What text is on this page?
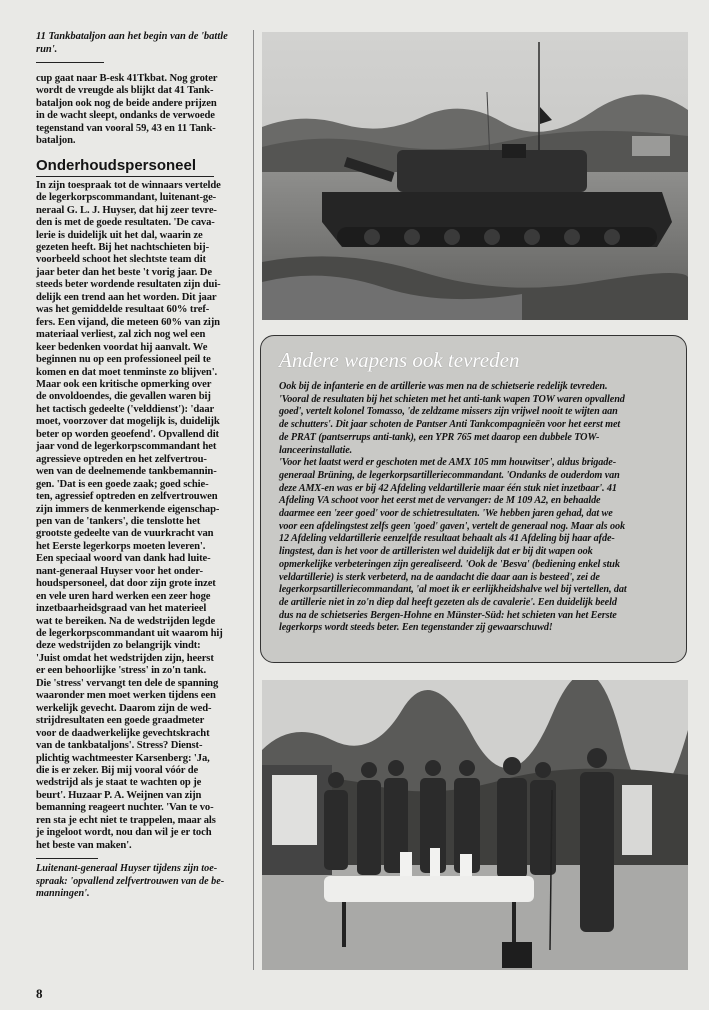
11 Tankbataljon aan het begin van de 'battle run'.

cup gaat naar B-esk 41Tkbat. Nog groter
wordt de vreugde als blijkt dat 41 Tank-
bataljon ook nog de beide andere prijzen
in de wacht sleept, ondanks de verwoede
tegenstand van vooral 59, 43 en 11 Tank-
bataljon.

Onderhoudspersoneel

In zijn toespraak tot de winnaars vertelde
de legerkorpscommandant, luitenant-ge-
neraal G. L. J. Huyser, dat hij zeer tevre-
den is met de goede resultaten. 'De cava-
lerie is duidelijk uit het dal, waarin ze
gezeten heeft. Bij het nachtschieten bij-
voorbeeld schoot het slechtste team dit
jaar beter dan het beste 't vorig jaar. De
steeds beter wordende resultaten zijn dui-
delijk een trend aan het worden. Dit jaar
was het gemiddelde resultaat 60% tref-
fers. Een vijand, die meteen 60% van zijn
materiaal verliest, zal zich nog wel een
keer bedenken voordat hij aanvalt. We
beginnen nu op een professioneel peil te
komen en dat moet tenminste zo blijven'.
Maar ook een kritische opmerking over
de onvoldoendes, die gevallen waren bij
het tactisch gedeelte ('velddienst'): 'daar
moet, voorzover dat mogelijk is, duidelijk
beter op worden geoefend'. Opvallend dit
jaar vond de legerkorpscommandant het
agressieve optreden en het zelfvertrou-
wen van de deelnemende tankbemannin-
gen. 'Dat is een goede zaak; goed schie-
ten, agressief optreden en zelfvertrouwen
zijn immers de kenmerkende eigenschap-
pen van de 'tankers', die tenslotte het
grootste gedeelte van de vuurkracht van
het Eerste legerkorps moeten leveren'.
Een speciaal woord van dank had luite-
nant-generaal Huyser voor het onder-
houdspersoneel, dat door zijn grote inzet
en vele uren hard werken een zeer hoge
inzetbaarheidsgraad van het materieel
wat te bereiken. Na de wedstrijden legde
de legerkorpscommandant uit waarom hij
deze wedstrijden zo belangrijk vindt:
'Juist omdat het wedstrijden zijn, heerst
er een behoorlijke 'stress' in zo'n tank.
Die 'stress' vervangt ten dele de spanning
waaronder men moet werken tijdens een
werkelijk gevecht. Daarom zijn de wed-
strijdresultaten een goede graadmeter
voor de daadwerkelijke gevechtskracht
van de tankbataljons'. Stress? Dienst-
plichtig wachtmeester Karsenberg: 'Ja,
die is er zeker. Bij mij vooral vóór de
wedstrijd als je staat te wachten op je
beurt'. Huzaar P. A. Weijnen van zijn
bemanning reageert nuchter. 'Van te vo-
ren sta je echt niet te trappelen, maar als
je ingeloot wordt, nou dan wil je er toch
het beste van maken'.

Luitenant-generaal Huyser tijdens zijn toe-
spraak: 'opvallend zelfvertrouwen van de be-
manningen'.

Andere wapens ook tevreden

Ook bij de infanterie en de artillerie was men na de schietserie redelijk tevreden.
'Vooral de resultaten bij het schieten met het anti-tank wapen TOW waren opvallend
goed', vertelt kolonel Tomasso, 'de zeldzame missers zijn vrijwel nooit te wijten aan
de schutters'. Dit jaar schoten de Pantser Anti Tankcompagnieën voor het eerst met
de PRAT (pantserrups anti-tank), een YPR 765 met daarop een dubbele TOW-
lanceerinstallatie.
'Voor het laatst werd er geschoten met de AMX 105 mm houwitser', aldus brigade-
generaal Brüning, de legerkorpsartilleriecommandant. 'Ondanks de ouderdom van
deze AMX-en was er bij 42 Afdeling veldartillerie maar één stuk niet inzetbaar'. 41
Afdeling VA schoot voor het eerst met de vervanger: de M 109 A2, en behaalde
daarmee een 'zeer goed' voor de schietresultaten. 'We hebben jaren gehad, dat we
voor een afdelingstest zelfs geen 'goed' gaven', vertelt de generaal nog. Maar als ook
12 Afdeling veldartillerie eenzelfde resultaat behaalt als 41 Afdeling bij haar afde-
lingstest, dan is het voor de artilleristen wel duidelijk dat er bij dit wapen ook
opmerkelijke verbeteringen zijn gerealiseerd. 'Ook de 'Besva' (bediening enkel stuk
veldartillerie) is sterk verbeterd, na de aandacht die daar aan is besteed', zei de
legerkorpsartilleriecommandant, 'al moet ik er eerlijkheidshalve wel bij vertellen, dat
de artillerie niet in zo'n diep dal heeft gezeten als de cavalerie'. Een duidelijk beeld
dus na de schietseries Bergen-Hohne en Münster-Süd: het schieten van het Eerste
legerkorps wordt steeds beter. Een tegenstander zij gewaarschuwd!

8
